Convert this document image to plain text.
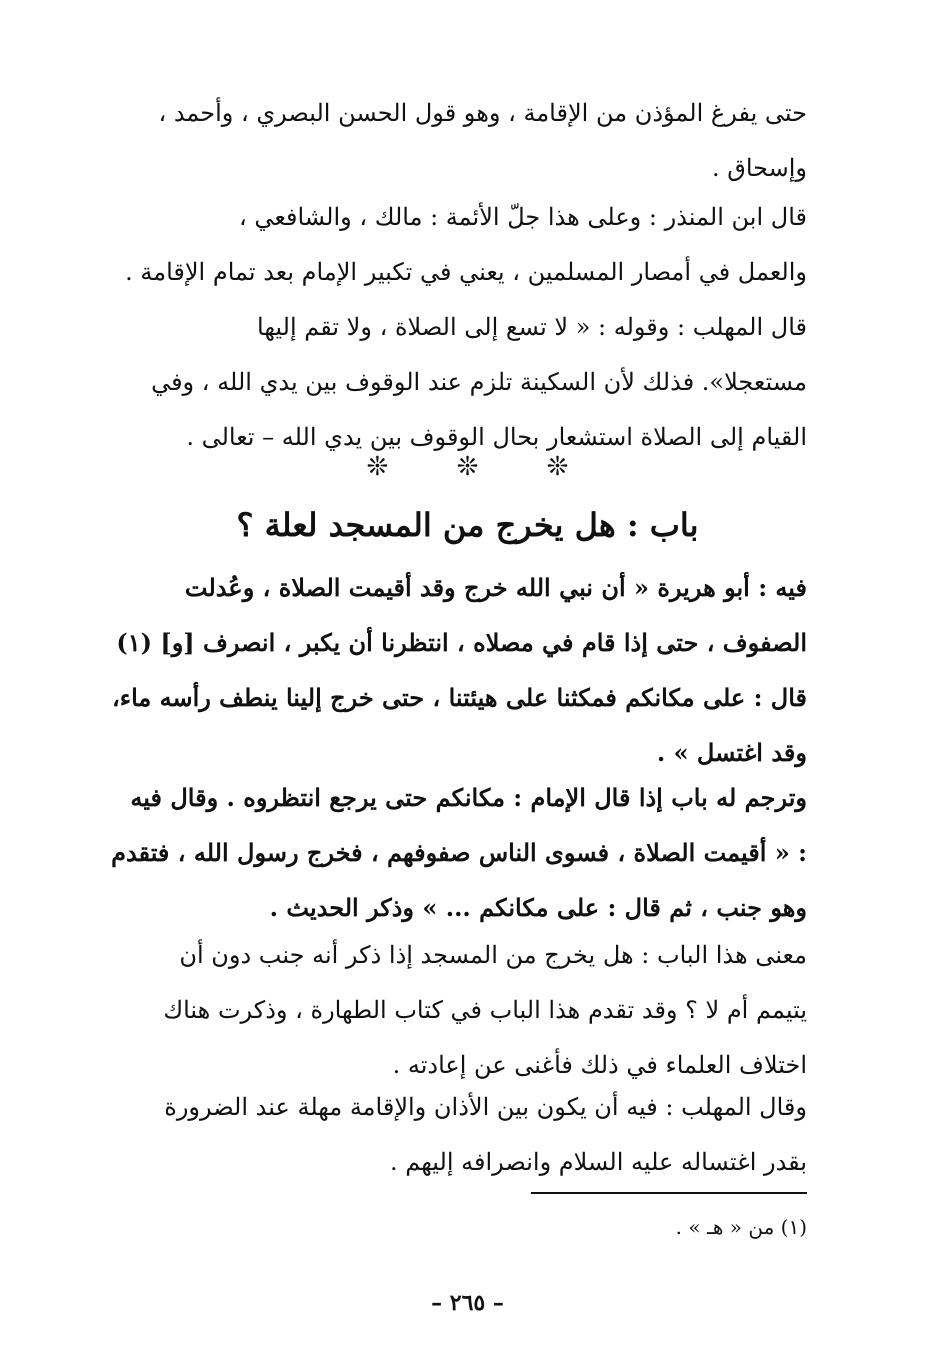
حتى يفرغ المؤذن من الإقامة ، وهو قول الحسن البصري ، وأحمد ،
وإسحاق .

قال ابن المنذر : وعلى هذا جلّ الأئمة : مالك ، والشافعي ،
والعمل في أمصار المسلمين ، يعني في تكبير الإمام بعد تمام الإقامة .
قال المهلب : وقوله : « لا تسع إلى الصلاة ، ولا تقم إليها
مستعجلا». فذلك لأن السكينة تلزم عند الوقوف بين يدي الله ، وفي
القيام إلى الصلاة استشعار بحال الوقوف بين يدي الله – تعالى .

❊ ❊ ❊
باب : هل يخرج من المسجد لعلة ؟

فيه : أبو هريرة « أن نبي الله خرج وقد أقيمت الصلاة ، وعُدلت
الصفوف ، حتى إذا قام في مصلاه ، انتظرنا أن يكبر ، انصرف [و] (١)
قال : على مكانكم فمكثنا على هيئتنا ، حتى خرج إلينا ينطف رأسه ماء،
وقد اغتسل » .

وترجم له باب إذا قال الإمام : مكانكم حتى يرجع انتظروه . وقال فيه
: « أقيمت الصلاة ، فسوى الناس صفوفهم ، فخرج رسول الله ، فتقدم
وهو جنب ، ثم قال : على مكانكم ... » وذكر الحديث .

معنى هذا الباب : هل يخرج من المسجد إذا ذكر أنه جنب دون أن
يتيمم أم لا ؟ وقد تقدم هذا الباب في كتاب الطهارة ، وذكرت هناك
اختلاف العلماء في ذلك فأغنى عن إعادته .

وقال المهلب : فيه أن يكون بين الأذان والإقامة مهلة عند الضرورة
بقدر اغتساله عليه السلام وانصرافه إليهم .

(١) من « هـ » .

– ٢٦٥ –
